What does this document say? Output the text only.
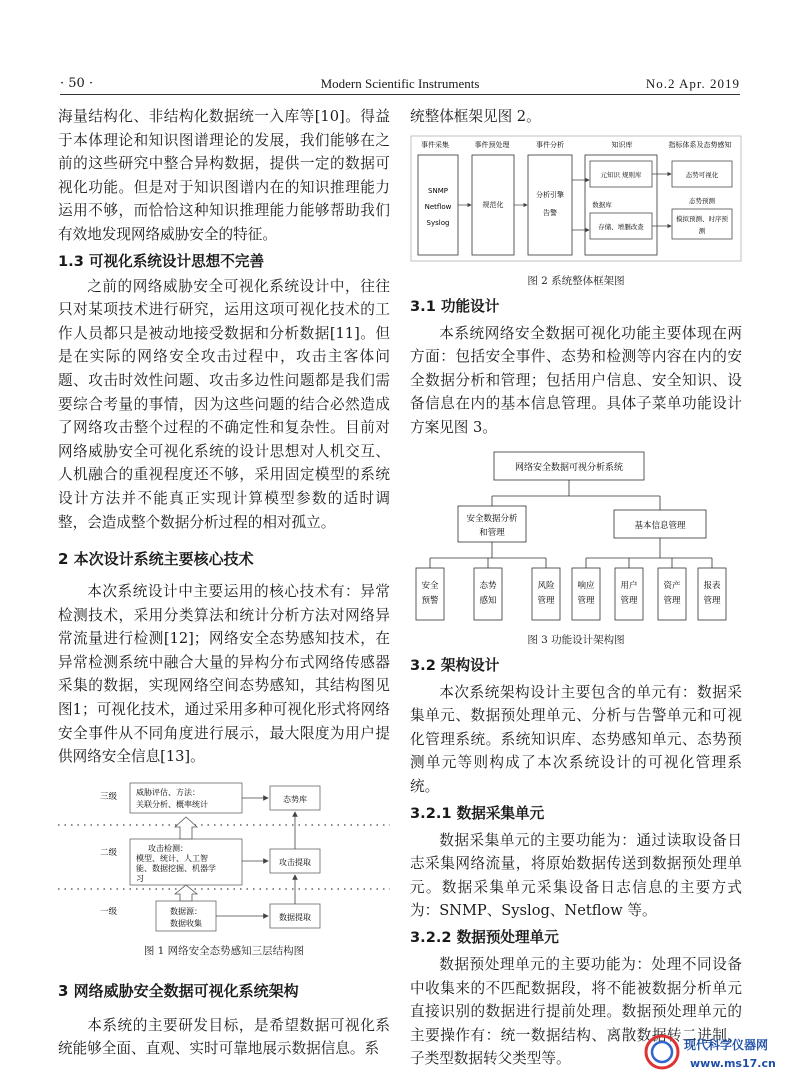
· 50 ·	Modern Scientific Instruments	No.2 Apr. 2019

海量结构化、非结构化数据统一入库等[10]。得益于本体理论和知识图谱理论的发展，我们能够在之前的这些研究中整合异构数据，提供一定的数据可视化功能。但是对于知识图谱内在的知识推理能力运用不够，而恰恰这种知识推理能力能够帮助我们有效地发现网络威胁安全的特征。

1.3 可视化系统设计思想不完善

之前的网络威胁安全可视化系统设计中，往往只对某项技术进行研究，运用这项可视化技术的工作人员都只是被动地接受数据和分析数据[11]。但是在实际的网络安全攻击过程中，攻击主客体问题、攻击时效性问题、攻击多边性问题都是我们需要综合考量的事情，因为这些问题的结合必然造成了网络攻击整个过程的不确定性和复杂性。目前对网络威胁安全可视化系统的设计思想对人机交互、人机融合的重视程度还不够，采用固定模型的系统设计方法并不能真正实现计算模型参数的适时调整，会造成整个数据分析过程的相对孤立。

2 本次设计系统主要核心技术

本次系统设计中主要运用的核心技术有：异常检测技术，采用分类算法和统计分析方法对网络异常流量进行检测[12]；网络安全态势感知技术，在异常检测系统中融合大量的异构分布式网络传感器采集的数据，实现网络空间态势感知，其结构图见图1；可视化技术，通过采用多种可视化形式将网络安全事件从不同角度进行展示，最大限度为用户提供网络安全信息[13]。

三级
二级
一级
威胁评估、方法：
关联分析、概率统计
态势库
攻击检测：
模型、统计、人工智
能、数据挖掘、机器学
习
攻击提取
数据源：
数据收集
数据提取
图 1 网络安全态势感知三层结构图
3 网络威胁安全数据可视化系统架构

本系统的主要研发目标，是希望数据可视化系统能够全面、直观、实时可靠地展示数据信息。系

统整体框架见图 2。

事件采集	事件预处理	事件分析	知识库	指标体系及态势感知
SNMP
Netflow
Syslog
规范化
分析引擎
告警
元知识 规则库
数据库
存储、增删改查
态势可视化
态势预测
模拟预测、时序预
测
图 2 系统整体框架图
3.1 功能设计

本系统网络安全数据可视化功能主要体现在两方面：包括安全事件、态势和检测等内容在内的安全数据分析和管理；包括用户信息、安全知识、设备信息在内的基本信息管理。具体子菜单功能设计方案见图 3。

网络安全数据可视分析系统
安全数据分析
和管理
基本信息管理
安全
预警
态势
感知
风险
管理
响应
管理
用户
管理
资产
管理
报表
管理
图 3 功能设计架构图
3.2 架构设计

本次系统架构设计主要包含的单元有：数据采集单元、数据预处理单元、分析与告警单元和可视化管理系统。系统知识库、态势感知单元、态势预测单元等则构成了本次系统设计的可视化管理系统。

3.2.1 数据采集单元

数据采集单元的主要功能为：通过读取设备日志采集网络流量，将原始数据传送到数据预处理单元。数据采集单元采集设备日志信息的主要方式为：SNMP、Syslog、Netflow 等。

3.2.2 数据预处理单元

数据预处理单元的主要功能为：处理不同设备中收集来的不匹配数据段，将不能被数据分析单元直接识别的数据进行提前处理。数据预处理单元的主要操作有：统一数据结构、离散数据转二进制、子类型数据转父类型等。

现代科学仪器网
www.ms17.cn
